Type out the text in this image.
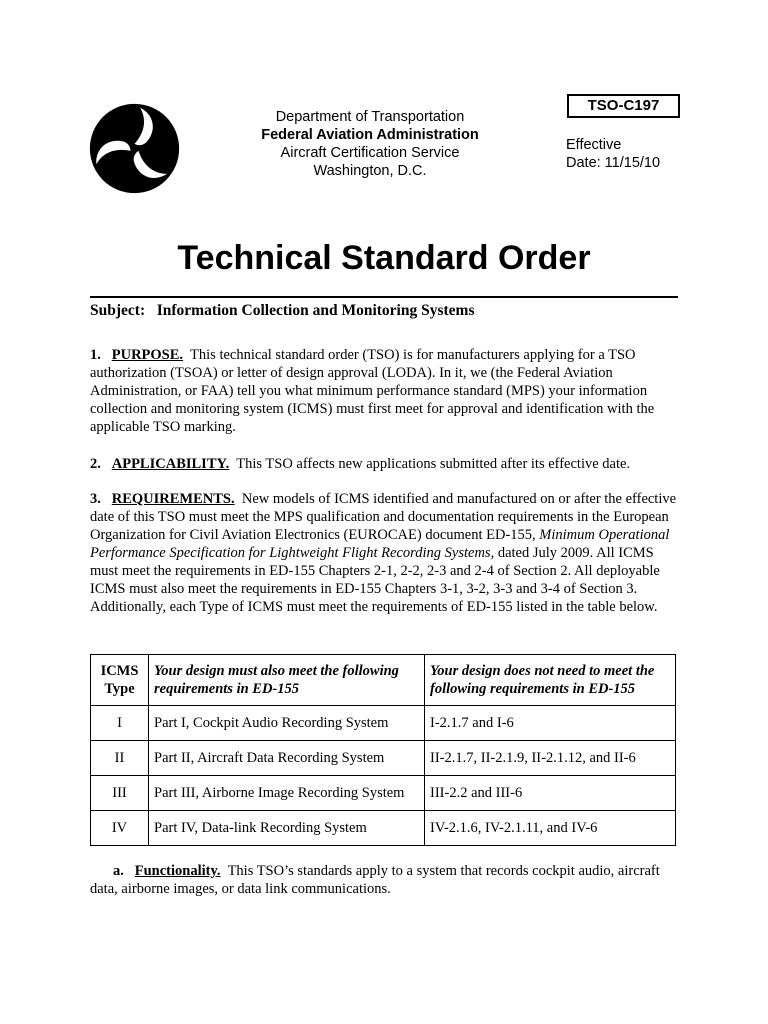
Department of Transportation
Federal Aviation Administration
Aircraft Certification Service
Washington, D.C.
TSO-C197
Effective
Date: 11/15/10
Technical Standard Order
Subject: Information Collection and Monitoring Systems
1. PURPOSE. This technical standard order (TSO) is for manufacturers applying for a TSO authorization (TSOA) or letter of design approval (LODA). In it, we (the Federal Aviation Administration, or FAA) tell you what minimum performance standard (MPS) your information collection and monitoring system (ICMS) must first meet for approval and identification with the applicable TSO marking.
2. APPLICABILITY. This TSO affects new applications submitted after its effective date.
3. REQUIREMENTS. New models of ICMS identified and manufactured on or after the effective date of this TSO must meet the MPS qualification and documentation requirements in the European Organization for Civil Aviation Electronics (EUROCAE) document ED-155, Minimum Operational Performance Specification for Lightweight Flight Recording Systems, dated July 2009. All ICMS must meet the requirements in ED-155 Chapters 2-1, 2-2, 2-3 and 2-4 of Section 2. All deployable ICMS must also meet the requirements in ED-155 Chapters 3-1, 3-2, 3-3 and 3-4 of Section 3. Additionally, each Type of ICMS must meet the requirements of ED-155 listed in the table below.
ICMS Type	Your design must also meet the following requirements in ED-155	Your design does not need to meet the following requirements in ED-155
I	Part I, Cockpit Audio Recording System	I-2.1.7 and I-6
II	Part II, Aircraft Data Recording System	II-2.1.7, II-2.1.9, II-2.1.12, and II-6
III	Part III, Airborne Image Recording System	III-2.2 and III-6
IV	Part IV, Data-link Recording System	IV-2.1.6, IV-2.1.11, and IV-6
a. Functionality. This TSO’s standards apply to a system that records cockpit audio, aircraft data, airborne images, or data link communications.
